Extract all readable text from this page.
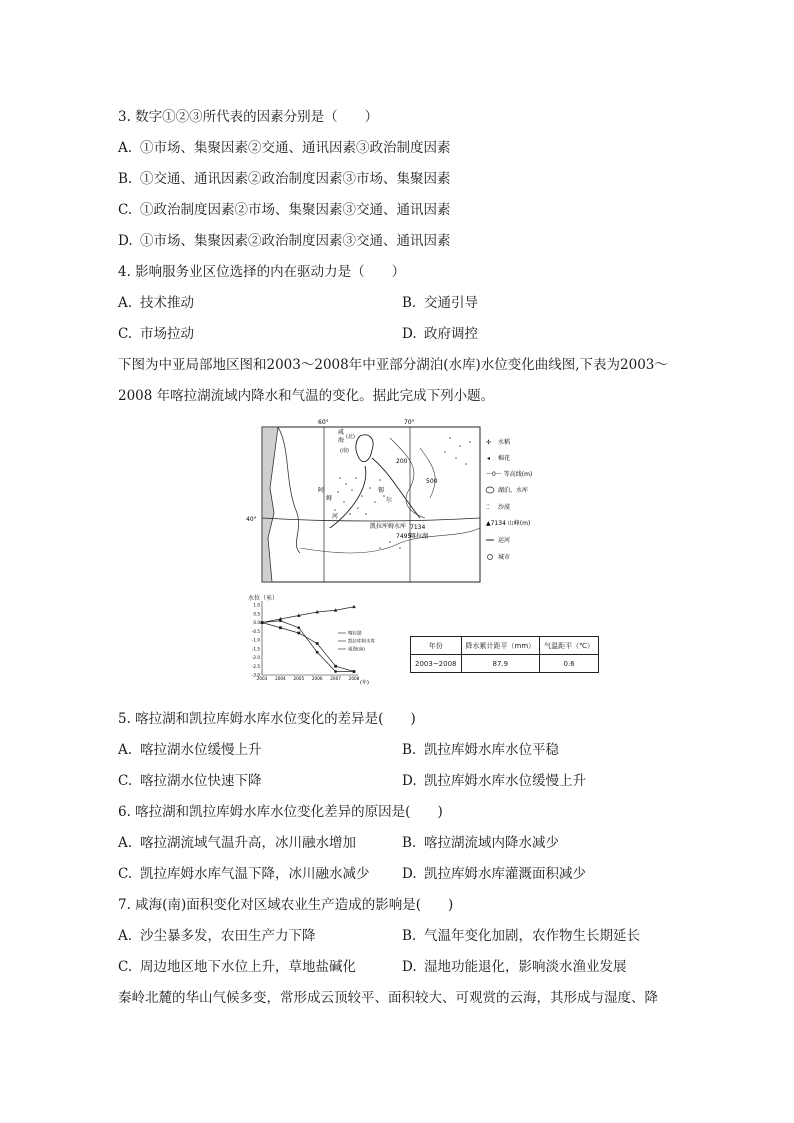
3. 数字①②③所代表的因素分别是（　　）
A. ①市场、集聚因素②交通、通讯因素③政治制度因素
B. ①交通、通讯因素②政治制度因素③市场、集聚因素
C. ①政治制度因素②市场、集聚因素③交通、通讯因素
D. ①市场、集聚因素②政治制度因素③交通、通讯因素
4. 影响服务业区位选择的内在驱动力是（　　）
A. 技术推动	B. 交通引导
C. 市场拉动	D. 政府调控
下图为中亚局部地区图和2003～2008年中亚部分湖泊(水库)水位变化曲线图,下表为2003～
2008 年喀拉湖流域内降水和气温的变化。据此完成下列小题。
60°	70°
40°
200
500
咸
海 (北)
(南)
阿
姆
锡
尔
河
凯拉库姆水库
喀拉湖
7134
7495
✢ 水稻
◂ 棉花
～0～ 等高线(m)
湖泊、水库
⁚⁚ 沙漠
▲7134 山峰(m)
运河
城市
水位（米）
1.0
0.5
0.0
-0.5
-1.0
-1.5
-2.0
-2.5
-3.0
2003 2004 2005 2006 2007 2008
喀拉湖
凯拉库姆水库
咸海(南)
(年)
年份	降水累计距平（mm）	气温距平（℃）
2003~2008	87.9	0.6
5. 喀拉湖和凯拉库姆水库水位变化的差异是(　　)
A. 喀拉湖水位缓慢上升	B. 凯拉库姆水库水位平稳
C. 喀拉湖水位快速下降	D. 凯拉库姆水库水位缓慢上升
6. 喀拉湖和凯拉库姆水库水位变化差异的原因是(　　)
A. 喀拉湖流域气温升高，冰川融水增加	B. 喀拉湖流域内降水减少
C. 凯拉库姆水库气温下降，冰川融水减少 D. 凯拉库姆水库灌溉面积减少
7. 咸海(南)面积变化对区域农业生产造成的影响是(　　)
A. 沙尘暴多发，农田生产力下降	B. 气温年变化加剧，农作物生长期延长
C. 周边地区地下水位上升，草地盐碱化	D. 湿地功能退化，影响淡水渔业发展
秦岭北麓的华山气候多变，常形成云顶较平、面积较大、可观赏的云海，其形成与湿度、降
